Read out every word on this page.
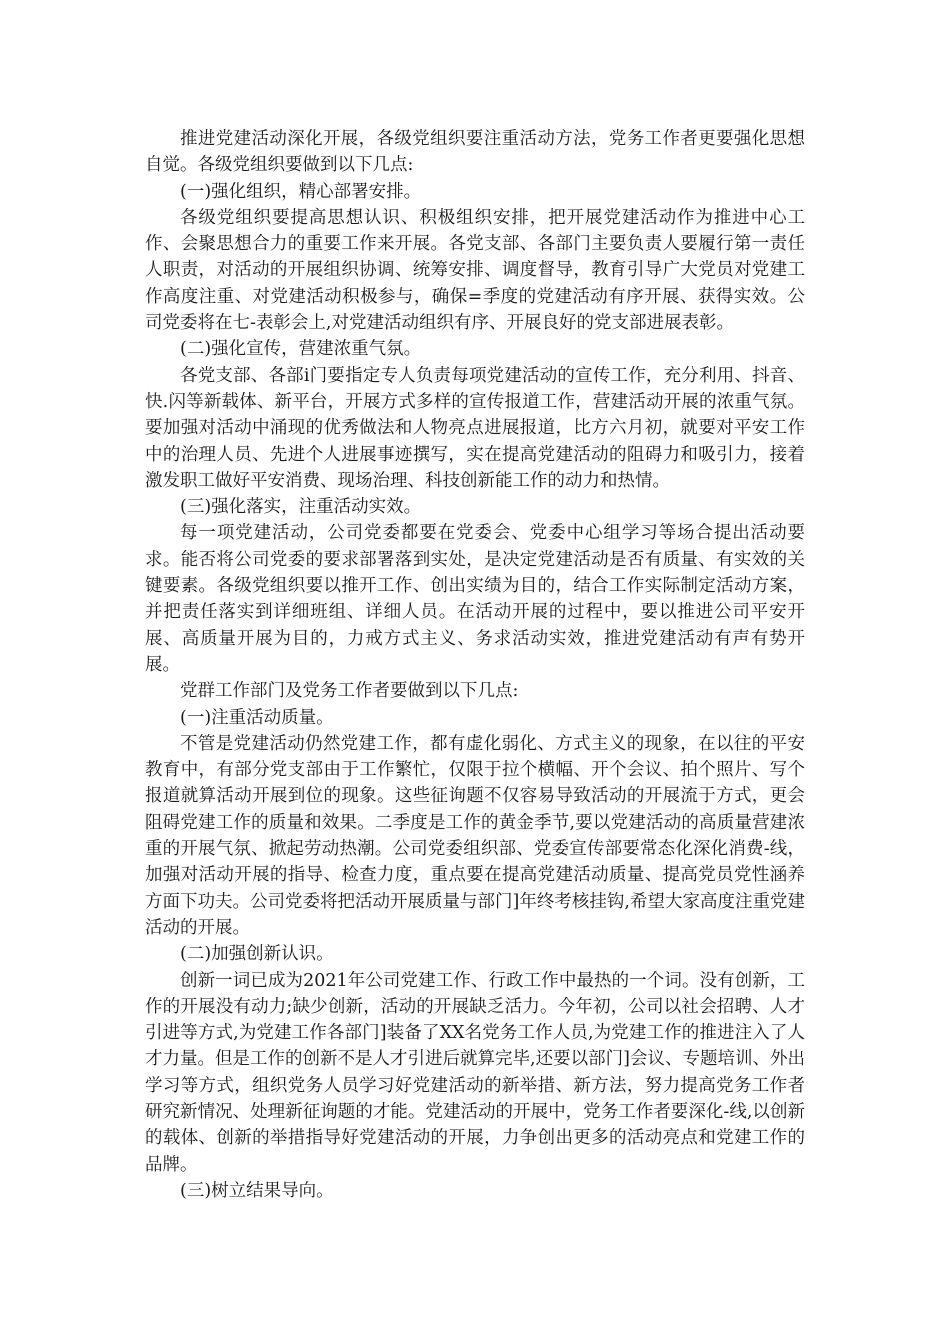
推进党建活动深化开展，各级党组织要注重活动方法，党务工作者更要强化思想自觉。各级党组织要做到以下几点:

(一)强化组织，精心部署安排。

各级党组织要提高思想认识、积极组织安排，把开展党建活动作为推进中心工作、会聚思想合力的重要工作来开展。各党支部、各部门主要负责人要履行第一责任人职责，对活动的开展组织协调、统筹安排、调度督导，教育引导广大党员对党建工作高度注重、对党建活动积极参与，确保=季度的党建活动有序开展、获得实效。公司党委将在七-表彰会上,对党建活动组织有序、开展良好的党支部进展表彰。

(二)强化宣传，营建浓重气氛。

各党支部、各部i门要指定专人负责每项党建活动的宣传工作，充分利用、抖音、快.闪等新载体、新平台，开展方式多样的宣传报道工作，营建活动开展的浓重气氛。要加强对活动中涌现的优秀做法和人物亮点进展报道，比方六月初，就要对平安工作中的治理人员、先进个人进展事迹撰写，实在提高党建活动的阻碍力和吸引力，接着激发职工做好平安消费、现场治理、科技创新能工作的动力和热情。

(三)强化落实，注重活动实效。

每一项党建活动，公司党委都要在党委会、党委中心组学习等场合提出活动要求。能否将公司党委的要求部署落到实处，是决定党建活动是否有质量、有实效的关键要素。各级党组织要以推开工作、创出实绩为目的，结合工作实际制定活动方案，并把责任落实到详细班组、详细人员。在活动开展的过程中，要以推进公司平安开展、高质量开展为目的，力戒方式主义、务求活动实效，推进党建活动有声有势开展。

党群工作部门及党务工作者要做到以下几点:

(一)注重活动质量。

不管是党建活动仍然党建工作，都有虚化弱化、方式主义的现象，在以往的平安教育中，有部分党支部由于工作繁忙，仅限于拉个横幅、开个会议、拍个照片、写个报道就算活动开展到位的现象。这些征询题不仅容易导致活动的开展流于方式，更会阻碍党建工作的质量和效果。二季度是工作的黄金季节,要以党建活动的高质量营建浓重的开展气氛、掀起劳动热潮。公司党委组织部、党委宣传部要常态化深化消费-线，加强对活动开展的指导、检查力度，重点要在提高党建活动质量、提高党员党性涵养方面下功夫。公司党委将把活动开展质量与部门]年终考核挂钩,希望大家高度注重党建活动的开展。

(二)加强创新认识。

创新一词已成为2021年公司党建工作、行政工作中最热的一个词。没有创新，工作的开展没有动力;缺少创新，活动的开展缺乏活力。今年初，公司以社会招聘、人才引进等方式,为党建工作各部门]装备了XX名党务工作人员,为党建工作的推进注入了人才力量。但是工作的创新不是人才引进后就算完毕,还要以部门]会议、专题培训、外出学习等方式，组织党务人员学习好党建活动的新举措、新方法，努力提高党务工作者研究新情况、处理新征询题的才能。党建活动的开展中，党务工作者要深化-线,以创新的载体、创新的举措指导好党建活动的开展，力争创出更多的活动亮点和党建工作的品牌。

(三)树立结果导向。
